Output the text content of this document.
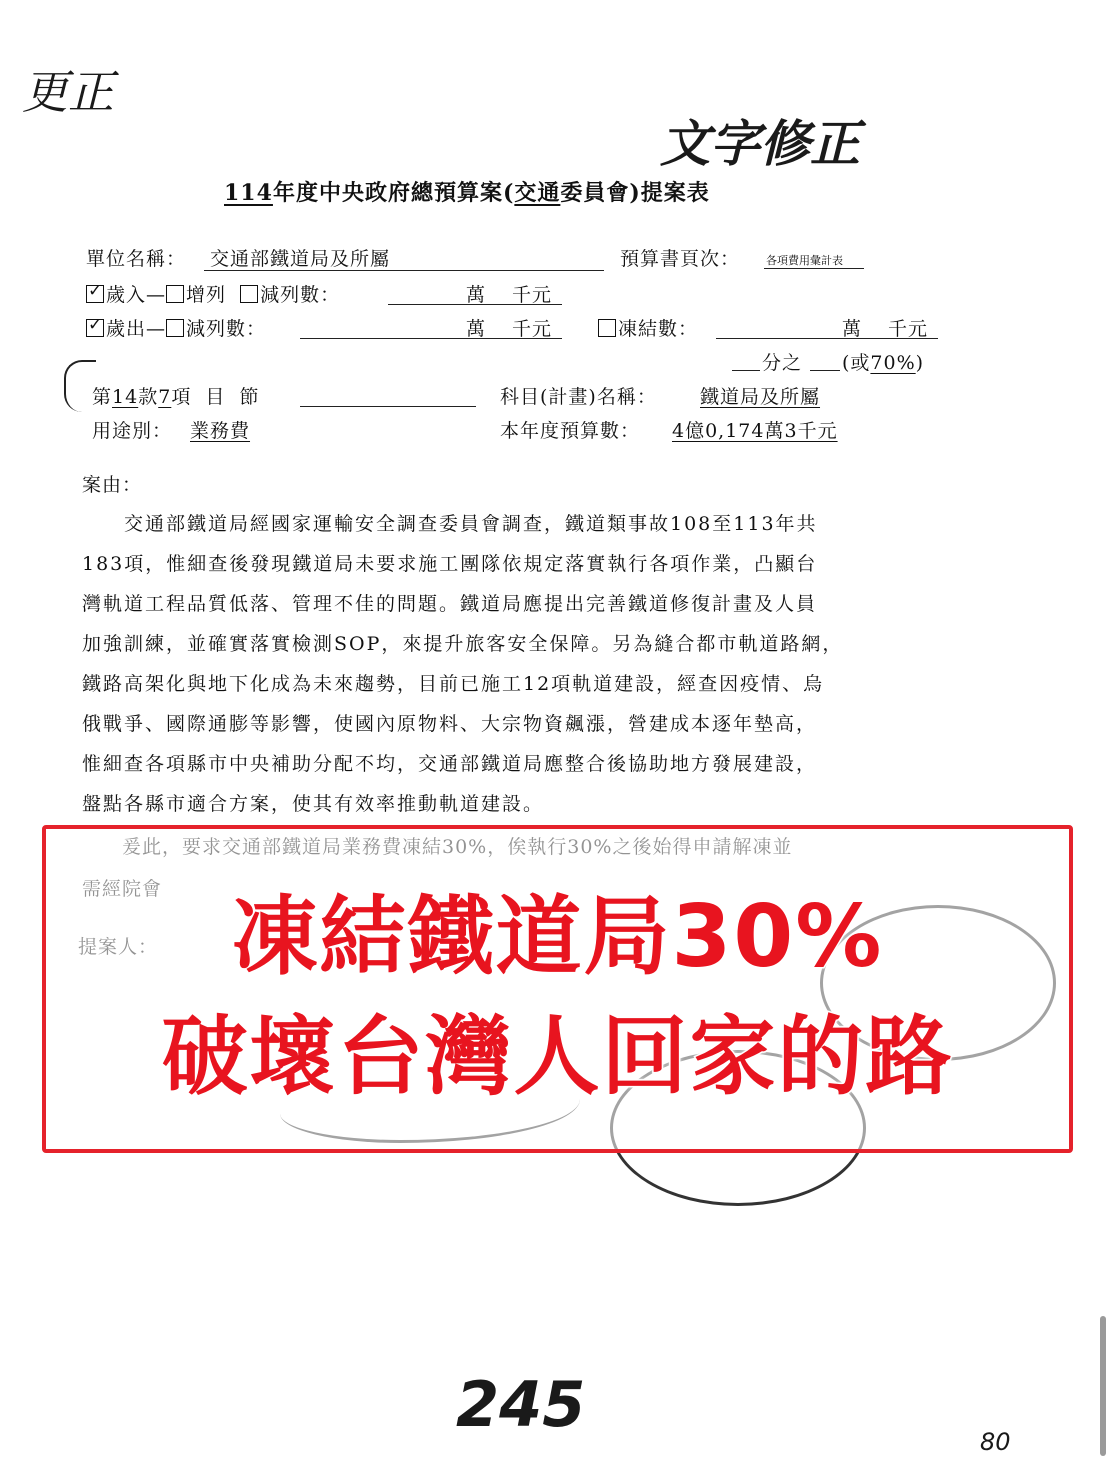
更正
文字修正
114年度中央政府總預算案(交通委員會)提案表
單位名稱： 交通部鐵道局及所屬	預算書頁次： 各項費用彙計表
✓歲入— 增列 減列數：	萬 千元
✓歲出— 減列數：	萬 千元	凍結數：	萬 千元
分之 (或70%)
第14款7項 目 節	科目(計畫)名稱： 鐵道局及所屬
用途別： 業務費	本年度預算數： 4億0,174萬3千元
案由：

　　交通部鐵道局經國家運輸安全調查委員會調查，鐵道類事故108至113年共

183項，惟細查後發現鐵道局未要求施工團隊依規定落實執行各項作業，凸顯台

灣軌道工程品質低落、管理不佳的問題。鐵道局應提出完善鐵道修復計畫及人員

加強訓練，並確實落實檢測SOP，來提升旅客安全保障。另為縫合都市軌道路網，

鐵路高架化與地下化成為未來趨勢，目前已施工12項軌道建設，經查因疫情、烏

俄戰爭、國際通膨等影響，使國內原物料、大宗物資飆漲，營建成本逐年墊高，

惟細查各項縣市中央補助分配不均，交通部鐵道局應整合後協助地方發展建設，

盤點各縣市適合方案，使其有效率推動軌道建設。

凍結鐵道局30%
破壞台灣人回家的路
245
80
